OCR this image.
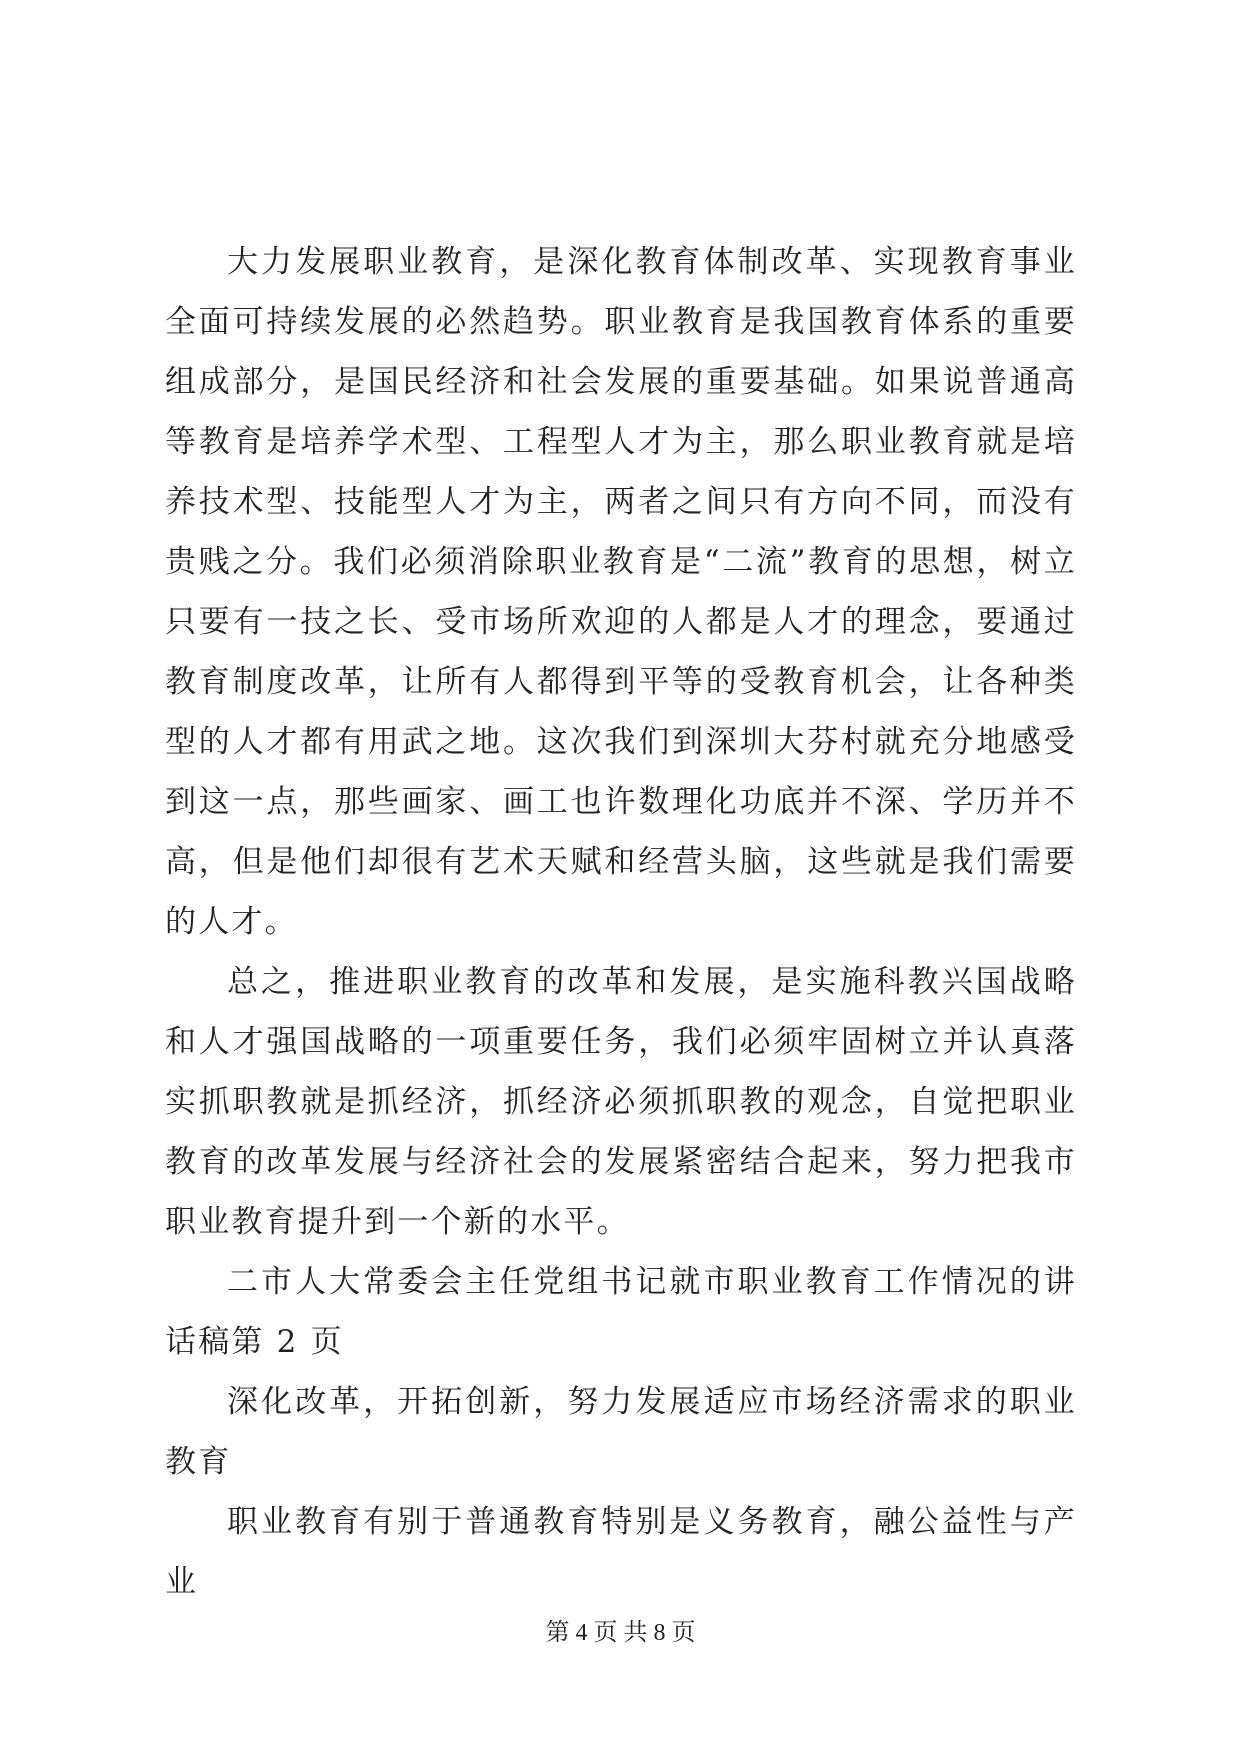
大力发展职业教育，是深化教育体制改革、实现教育事业全面可持续发展的必然趋势。职业教育是我国教育体系的重要组成部分，是国民经济和社会发展的重要基础。如果说普通高等教育是培养学术型、工程型人才为主，那么职业教育就是培养技术型、技能型人才为主，两者之间只有方向不同，而没有贵贱之分。我们必须消除职业教育是“二流”教育的思想，树立只要有一技之长、受市场所欢迎的人都是人才的理念，要通过教育制度改革，让所有人都得到平等的受教育机会，让各种类型的人才都有用武之地。这次我们到深圳大芬村就充分地感受到这一点，那些画家、画工也许数理化功底并不深、学历并不高，但是他们却很有艺术天赋和经营头脑，这些就是我们需要的人才。

总之，推进职业教育的改革和发展，是实施科教兴国战略和人才强国战略的一项重要任务，我们必须牢固树立并认真落实抓职教就是抓经济，抓经济必须抓职教的观念，自觉把职业教育的改革发展与经济社会的发展紧密结合起来，努力把我市职业教育提升到一个新的水平。

二市人大常委会主任党组书记就市职业教育工作情况的讲话稿第 2 页

深化改革，开拓创新，努力发展适应市场经济需求的职业教育

职业教育有别于普通教育特别是义务教育，融公益性与产业

第 4 页 共 8 页
